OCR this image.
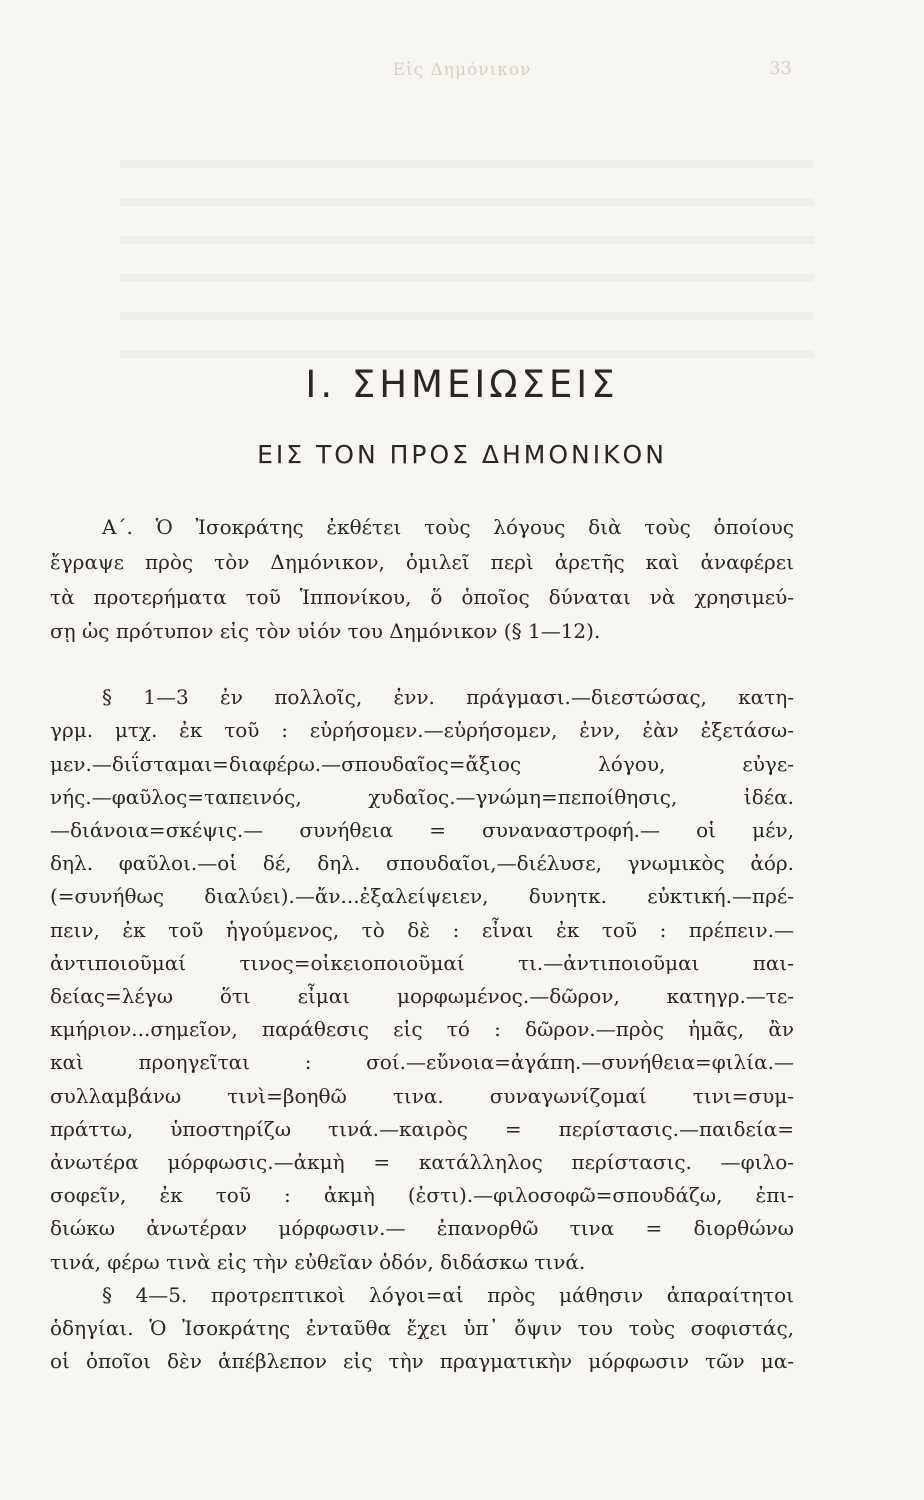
Εἰς Δημόνικον	33
Ι. ΣΗΜΕΙΩΣΕΙΣ
ΕΙΣ ΤΟΝ ΠΡΟΣ ΔΗΜΟΝΙΚΟΝ

Α΄. Ὁ Ἰσοκράτης ἐκθέτει τοὺς λόγους διὰ τοὺς ὁποίους

ἔγραψε πρὸς τὸν Δημόνικον, ὁμιλεῖ περὶ ἀρετῆς καὶ ἀναφέρει

τὰ προτερήματα τοῦ Ἱππονίκου, ὅ ὁποῖος δύναται νὰ χρησιμεύ-

σῃ ὡς πρότυπον εἰς τὸν υἱόν του Δημόνικον (§ 1—12).

§ 1—3 ἐν πολλοῖς, ἐνν. πράγμασι.—διεστώσας, κατη-

γρμ. μτχ. ἐκ τοῦ : εὑρήσομεν.—εὑρήσομεν, ἐνν, ἐὰν ἐξετάσω-

μεν.—διΐσταμαι=διαφέρω.—σπουδαῖος=ἄξιος λόγου, εὐγε-

νής.—φαῦλος=ταπεινός, χυδαῖος.—γνώμη=πεποίθησις, ἰδέα.

—διάνοια=σκέψις.— συνήθεια = συναναστροφή.— οἱ μέν,

δηλ. φαῦλοι.—οἱ δέ, δηλ. σπουδαῖοι,—διέλυσε, γνωμικὸς ἀόρ.

(=συνήθως διαλύει).—ἄν...ἐξαλείψειεν, δυνητκ. εὐκτική.—πρέ-

πειν, ἐκ τοῦ ἡγούμενος, τὸ δὲ : εἶναι ἐκ τοῦ : πρέπειν.—

ἀντιποιοῦμαί τινος=οἰκειοποιοῦμαί τι.—ἀντιποιοῦμαι παι-

δείας=λέγω ὅτι εἶμαι μορφωμένος.—δῶρον, κατηγρ.—τε-

κμήριον...σημεῖον, παράθεσις εἰς τό : δῶρον.—πρὸς ἡμᾶς, ἂν

καὶ προηγεῖται : σοί.—εὔνοια=ἀγάπη.—συνήθεια=φιλία.—

συλλαμβάνω τινὶ=βοηθῶ τινα. συναγωνίζομαί τινι=συμ-

πράττω, ὑποστηρίζω τινά.—καιρὸς = περίστασις.—παιδεία=

ἀνωτέρα μόρφωσις.—ἀκμὴ = κατάλληλος περίστασις. —φιλο-

σοφεῖν, ἐκ τοῦ : ἀκμὴ (ἐστι).—φιλοσοφῶ=σπουδάζω, ἐπι-

διώκω ἀνωτέραν μόρφωσιν.— ἐπανορθῶ τινα = διορθώνω

τινά, φέρω τινὰ εἰς τὴν εὐθεῖαν ὁδόν, διδάσκω τινά.

§ 4—5. προτρεπτικοὶ λόγοι=αἱ πρὸς μάθησιν ἀπαραίτητοι

ὁδηγίαι. Ὁ Ἰσοκράτης ἐνταῦθα ἔχει ὑπ᾽ ὄψιν του τοὺς σοφιστάς,

οἱ ὁποῖοι δὲν ἀπέβλεπον εἰς τὴν πραγματικὴν μόρφωσιν τῶν μα-
